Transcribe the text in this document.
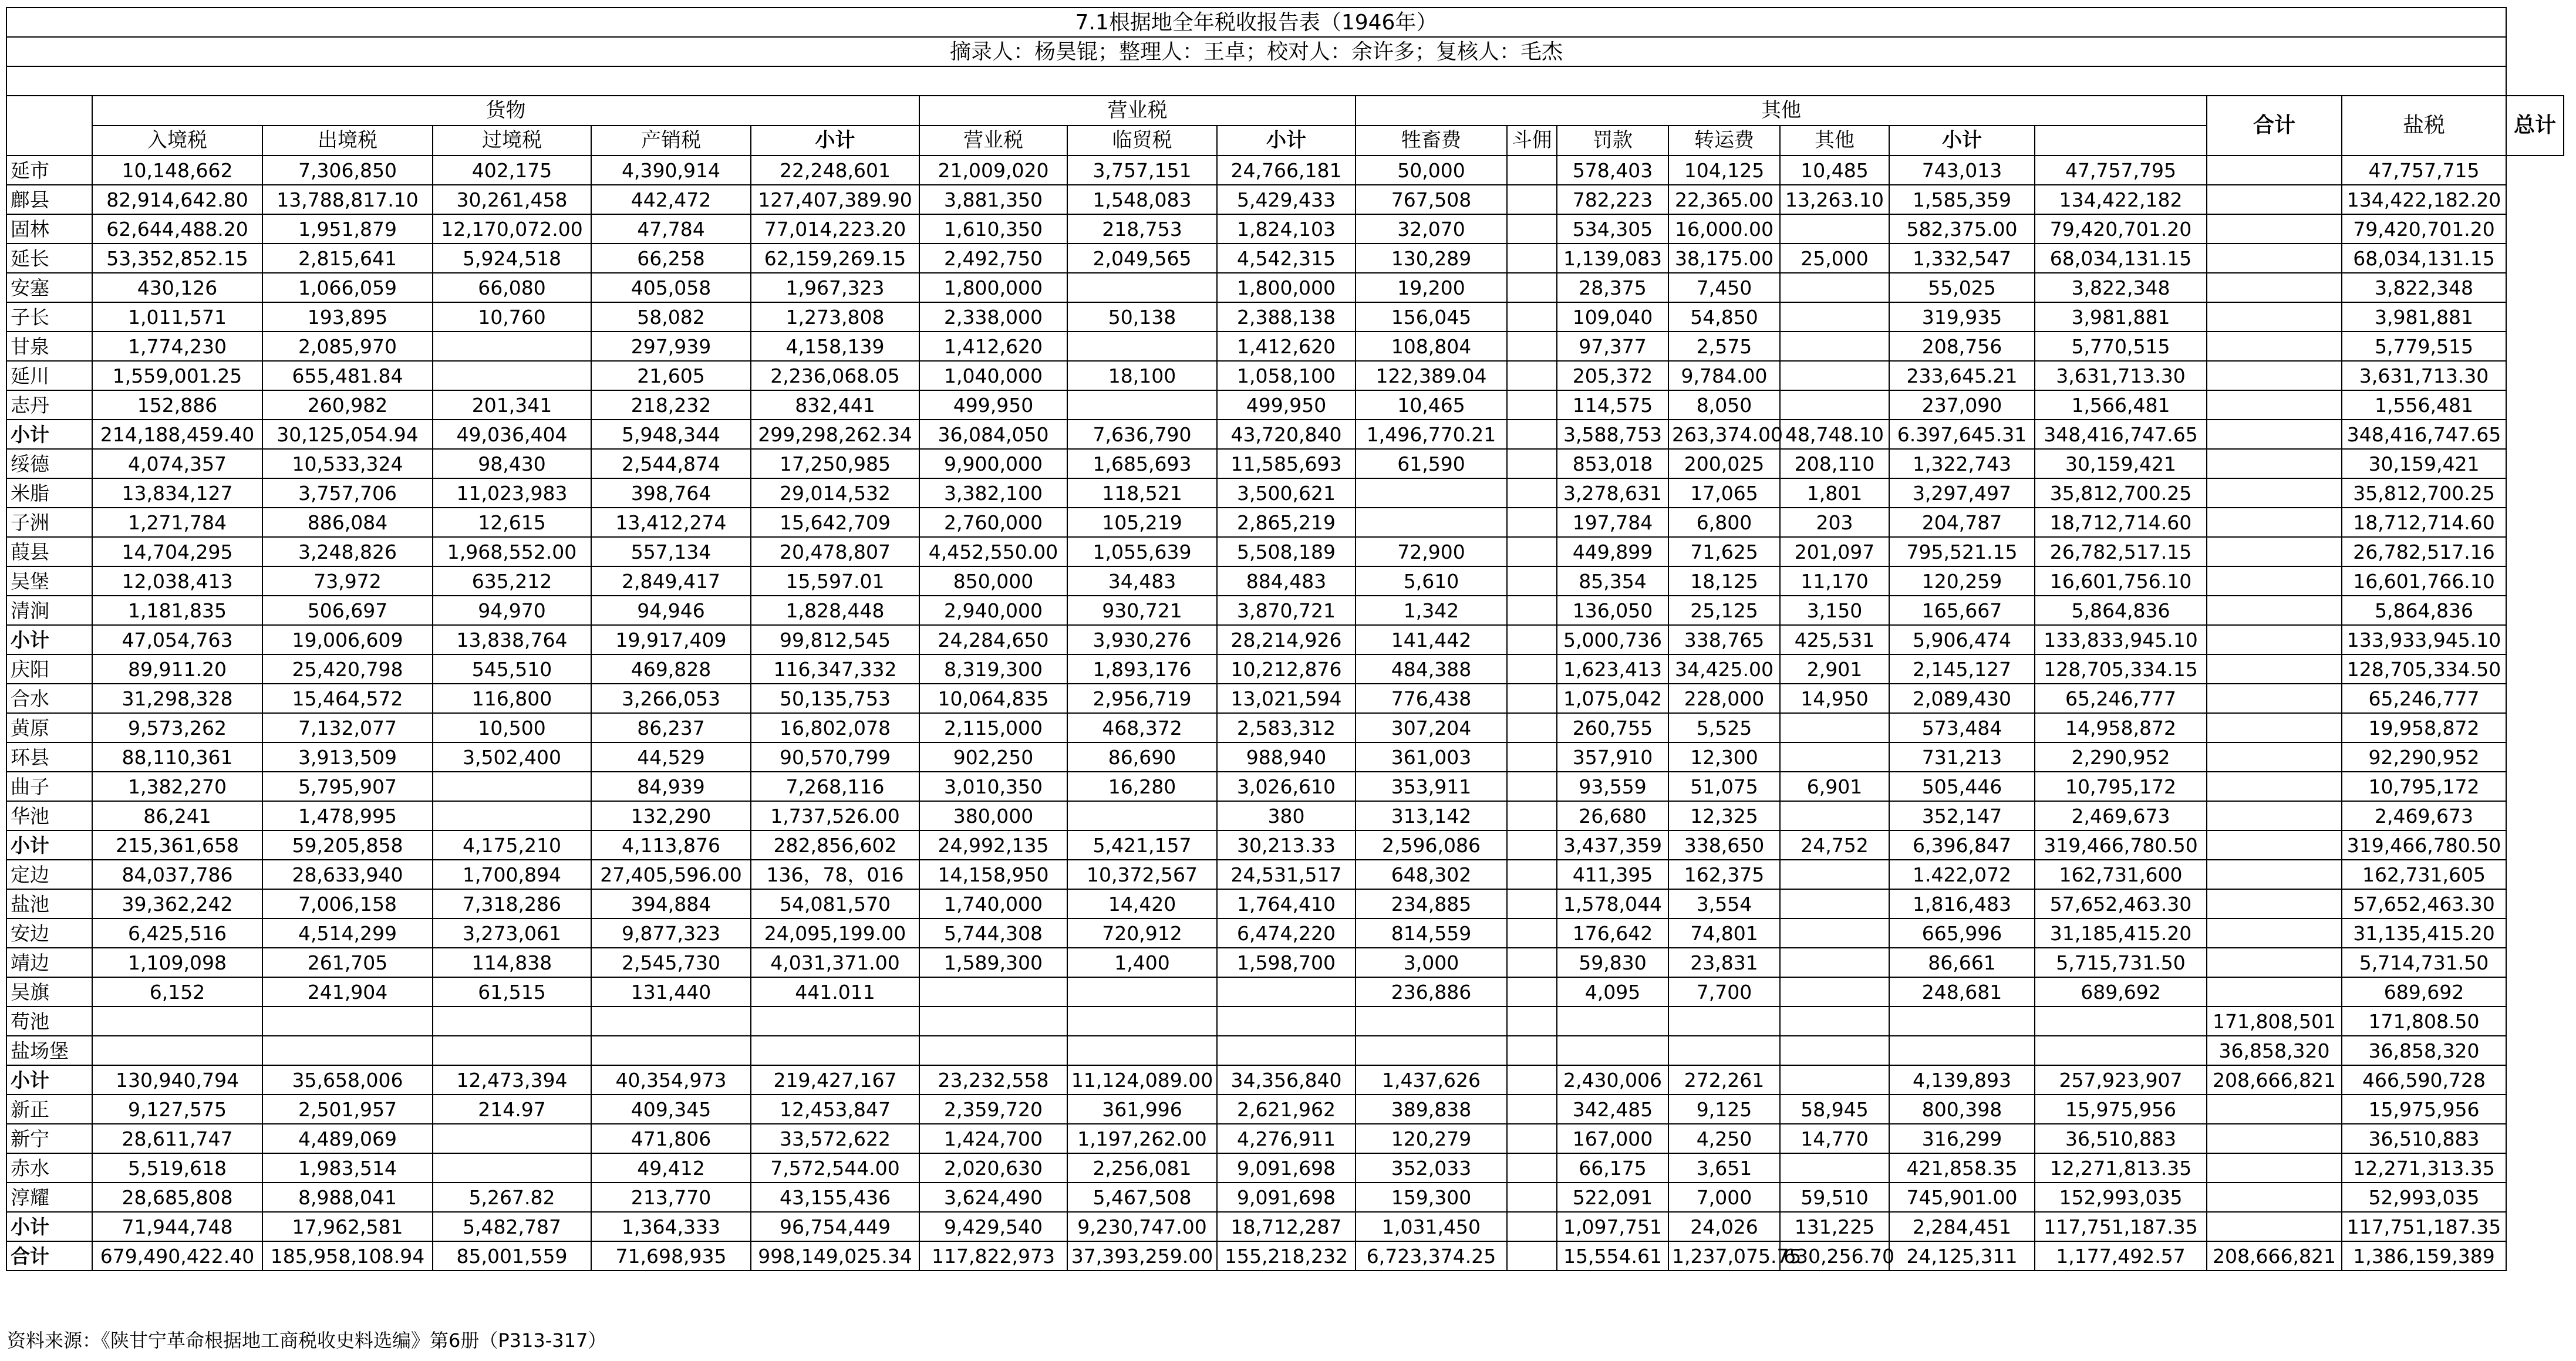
7.1根据地全年税收报告表（1946年）																		
摘录人：杨昊锟；整理人：王卓；校对人：余许多；复核人：毛杰																		

	货物					营业税			其他							合计	盐税	总计
	入境税	出境税	过境税	产销税	小计	营业税	临贸税	小计	牲畜费	斗佣	罚款	转运费	其他	小计				
延市	10,148,662	7,306,850	402,175	4,390,914	22,248,601	21,009,020	3,757,151	24,766,181	50,000		578,403	104,125	10,485	743,013	47,757,795		47,757,715	
鄜县	82,914,642.80	13,788,817.10	30,261,458	442,472	127,407,389.90	3,881,350	1,548,083	5,429,433	767,508		782,223	22,365.00	13,263.10	1,585,359	134,422,182		134,422,182.20	
固林	62,644,488.20	1,951,879	12,170,072.00	47,784	77,014,223.20	1,610,350	218,753	1,824,103	32,070		534,305	16,000.00		582,375.00	79,420,701.20		79,420,701.20	
延长	53,352,852.15	2,815,641	5,924,518	66,258	62,159,269.15	2,492,750	2,049,565	4,542,315	130,289		1,139,083	38,175.00	25,000	1,332,547	68,034,131.15		68,034,131.15	
安塞	430,126	1,066,059	66,080	405,058	1,967,323	1,800,000		1,800,000	19,200		28,375	7,450		55,025	3,822,348		3,822,348	
子长	1,011,571	193,895	10,760	58,082	1,273,808	2,338,000	50,138	2,388,138	156,045		109,040	54,850		319,935	3,981,881		3,981,881	
甘泉	1,774,230	2,085,970		297,939	4,158,139	1,412,620		1,412,620	108,804		97,377	2,575		208,756	5,770,515		5,779,515	
延川	1,559,001.25	655,481.84		21,605	2,236,068.05	1,040,000	18,100	1,058,100	122,389.04		205,372	9,784.00		233,645.21	3,631,713.30		3,631,713.30	
志丹	152,886	260,982	201,341	218,232	832,441	499,950		499,950	10,465		114,575	8,050		237,090	1,566,481		1,556,481	
小计	214,188,459.40	30,125,054.94	49,036,404	5,948,344	299,298,262.34	36,084,050	7,636,790	43,720,840	1,496,770.21		3,588,753	263,374.00	48,748.10	6.397,645.31	348,416,747.65		348,416,747.65	
绥德	4,074,357	10,533,324	98,430	2,544,874	17,250,985	9,900,000	1,685,693	11,585,693	61,590		853,018	200,025	208,110	1,322,743	30,159,421		30,159,421	
米脂	13,834,127	3,757,706	11,023,983	398,764	29,014,532	3,382,100	118,521	3,500,621			3,278,631	17,065	1,801	3,297,497	35,812,700.25		35,812,700.25	
子洲	1,271,784	886,084	12,615	13,412,274	15,642,709	2,760,000	105,219	2,865,219			197,784	6,800	203	204,787	18,712,714.60		18,712,714.60	
葭县	14,704,295	3,248,826	1,968,552.00	557,134	20,478,807	4,452,550.00	1,055,639	5,508,189	72,900		449,899	71,625	201,097	795,521.15	26,782,517.15		26,782,517.16	
吴堡	12,038,413	73,972	635,212	2,849,417	15,597.01	850,000	34,483	884,483	5,610		85,354	18,125	11,170	120,259	16,601,756.10		16,601,766.10	
清涧	1,181,835	506,697	94,970	94,946	1,828,448	2,940,000	930,721	3,870,721	1,342		136,050	25,125	3,150	165,667	5,864,836		5,864,836	
小计	47,054,763	19,006,609	13,838,764	19,917,409	99,812,545	24,284,650	3,930,276	28,214,926	141,442		5,000,736	338,765	425,531	5,906,474	133,833,945.10		133,933,945.10	
庆阳	89,911.20	25,420,798	545,510	469,828	116,347,332	8,319,300	1,893,176	10,212,876	484,388		1,623,413	34,425.00	2,901	2,145,127	128,705,334.15		128,705,334.50	
合水	31,298,328	15,464,572	116,800	3,266,053	50,135,753	10,064,835	2,956,719	13,021,594	776,438		1,075,042	228,000	14,950	2,089,430	65,246,777		65,246,777	
黄原	9,573,262	7,132,077	10,500	86,237	16,802,078	2,115,000	468,372	2,583,312	307,204		260,755	5,525		573,484	14,958,872		19,958,872	
环县	88,110,361	3,913,509	3,502,400	44,529	90,570,799	902,250	86,690	988,940	361,003		357,910	12,300		731,213	2,290,952		92,290,952	
曲子	1,382,270	5,795,907		84,939	7,268,116	3,010,350	16,280	3,026,610	353,911		93,559	51,075	6,901	505,446	10,795,172		10,795,172	
华池	86,241	1,478,995		132,290	1,737,526.00	380,000		380	313,142		26,680	12,325		352,147	2,469,673		2,469,673	
小计	215,361,658	59,205,858	4,175,210	4,113,876	282,856,602	24,992,135	5,421,157	30,213.33	2,596,086		3,437,359	338,650	24,752	6,396,847	319,466,780.50		319,466,780.50	
定边	84,037,786	28,633,940	1,700,894	27,405,596.00	136，78，016	14,158,950	10,372,567	24,531,517	648,302		411,395	162,375		1.422,072	162,731,600		162,731,605	
盐池	39,362,242	7,006,158	7,318,286	394,884	54,081,570	1,740,000	14,420	1,764,410	234,885		1,578,044	3,554		1,816,483	57,652,463.30		57,652,463.30	
安边	6,425,516	4,514,299	3,273,061	9,877,323	24,095,199.00	5,744,308	720,912	6,474,220	814,559		176,642	74,801		665,996	31,185,415.20		31,135,415.20	
靖边	1,109,098	261,705	114,838	2,545,730	4,031,371.00	1,589,300	1,400	1,598,700	3,000		59,830	23,831		86,661	5,715,731.50		5,714,731.50	
吴旗	6,152	241,904	61,515	131,440	441.011				236,886		4,095	7,700		248,681	689,692		689,692	
苟池																171,808,501	171,808.50	
盐场堡																36,858,320	36,858,320	
小计	130,940,794	35,658,006	12,473,394	40,354,973	219,427,167	23,232,558	11,124,089.00	34,356,840	1,437,626		2,430,006	272,261		4,139,893	257,923,907	208,666,821	466,590,728	
新正	9,127,575	2,501,957	214.97	409,345	12,453,847	2,359,720	361,996	2,621,962	389,838		342,485	9,125	58,945	800,398	15,975,956		15,975,956	
新宁	28,611,747	4,489,069		471,806	33,572,622	1,424,700	1,197,262.00	4,276,911	120,279		167,000	4,250	14,770	316,299	36,510,883		36,510,883	
赤水	5,519,618	1,983,514		49,412	7,572,544.00	2,020,630	2,256,081	9,091,698	352,033		66,175	3,651		421,858.35	12,271,813.35		12,271,313.35	
淳耀	28,685,808	8,988,041	5,267.82	213,770	43,155,436	3,624,490	5,467,508	9,091,698	159,300		522,091	7,000	59,510	745,901.00	152,993,035		52,993,035	
小计	71,944,748	17,962,581	5,482,787	1,364,333	96,754,449	9,429,540	9,230,747.00	18,712,287	1,031,450		1,097,751	24,026	131,225	2,284,451	117,751,187.35		117,751,187.35	
合计	679,490,422.40	185,958,108.94	85,001,559	71,698,935	998,149,025.34	117,822,973	37,393,259.00	155,218,232	6,723,374.25		15,554.61	1,237,075.75	630,256.70	24,125,311	1,177,492.57	208,666,821	1,386,159,389	
资料来源：《陕甘宁革命根据地工商税收史料选编》第6册（P313-317）
